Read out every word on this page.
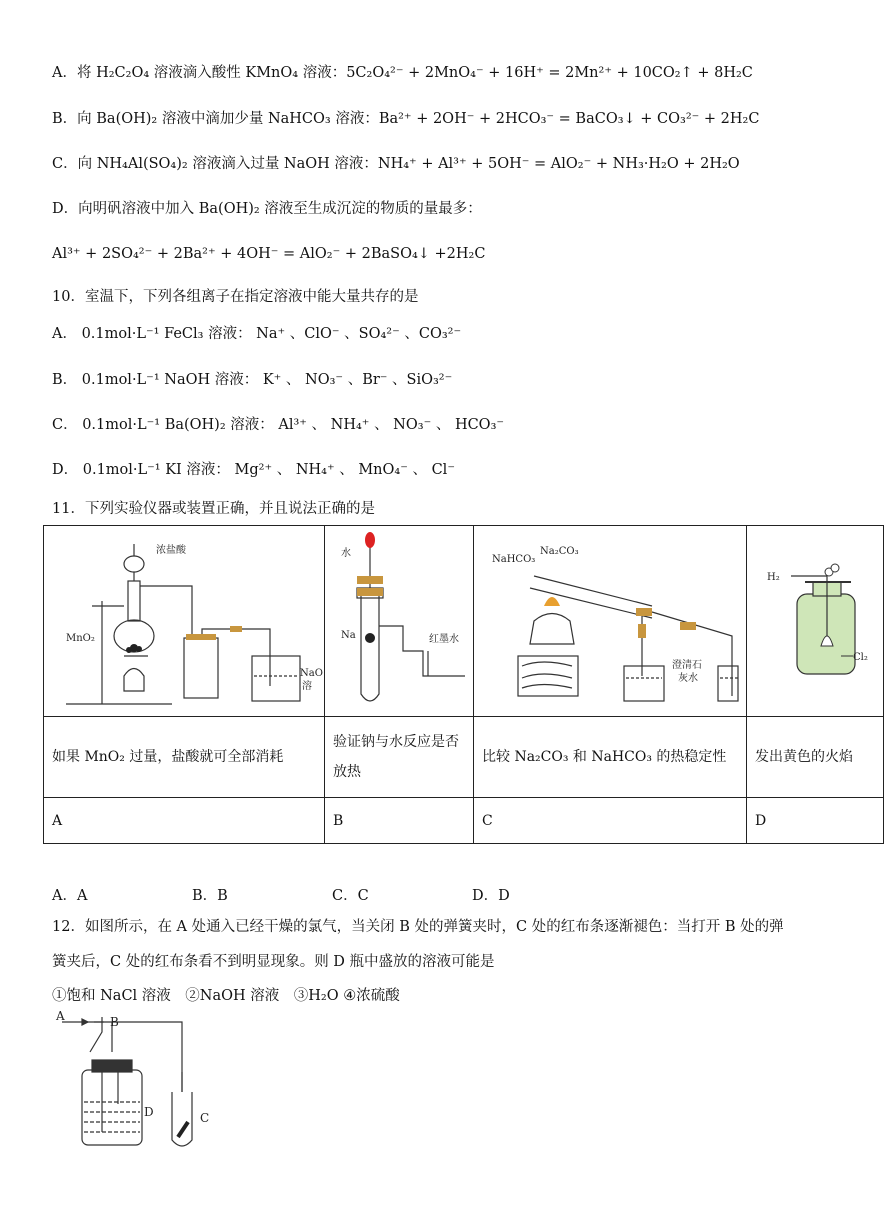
A．将 H₂C₂O₄ 溶液滴入酸性 KMnO₄ 溶液：5C₂O₄²⁻ + 2MnO₄⁻ + 16H⁺ = 2Mn²⁺ + 10CO₂↑ + 8H₂C
B．向 Ba(OH)₂ 溶液中滴加少量 NaHCO₃ 溶液：Ba²⁺ + 2OH⁻ + 2HCO₃⁻ = BaCO₃↓ + CO₃²⁻ + 2H₂C
C．向 NH₄Al(SO₄)₂ 溶液滴入过量 NaOH 溶液：NH₄⁺ + Al³⁺ + 5OH⁻ = AlO₂⁻ + NH₃·H₂O + 2H₂O
D．向明矾溶液中加入 Ba(OH)₂ 溶液至生成沉淀的物质的量最多：
Al³⁺ + 2SO₄²⁻ + 2Ba²⁺ + 4OH⁻ = AlO₂⁻ + 2BaSO₄↓ +2H₂C
10．室温下，下列各组离子在指定溶液中能大量共存的是
A． 0.1mol·L⁻¹ FeCl₃ 溶液： Na⁺ 、ClO⁻ 、SO₄²⁻ 、CO₃²⁻
B． 0.1mol·L⁻¹ NaOH 溶液： K⁺ 、 NO₃⁻ 、Br⁻ 、SiO₃²⁻
C． 0.1mol·L⁻¹ Ba(OH)₂ 溶液： Al³⁺ 、 NH₄⁺ 、 NO₃⁻ 、 HCO₃⁻
D． 0.1mol·L⁻¹ KI 溶液： Mg²⁺ 、 NH₄⁺ 、 MnO₄⁻ 、 Cl⁻
11．下列实验仪器或装置正确，并且说法正确的是
浓盐酸
MnO₂
NaO
溶	水
Na 红墨水	NaHCO₃
Na₂CO₃
澄清石
灰水	H₂
Cl₂

如果 MnO₂ 过量，盐酸就可全部消耗	验证钠与水反应是否放热	比较 Na₂CO₃ 和 NaHCO₃ 的热稳定性	发出黄色的火焰
A	B	C	D
A．A	B．B	C．C	D．D
12．如图所示，在 A 处通入已经干燥的氯气，当关闭 B 处的弹簧夹时，C 处的红布条逐渐褪色：当打开 B 处的弹
簧夹后，C 处的红布条看不到明显现象。则 D 瓶中盛放的溶液可能是
①饱和 NaCl 溶液　②NaOH 溶液　③H₂O ④浓硫酸
A	B
D	C
